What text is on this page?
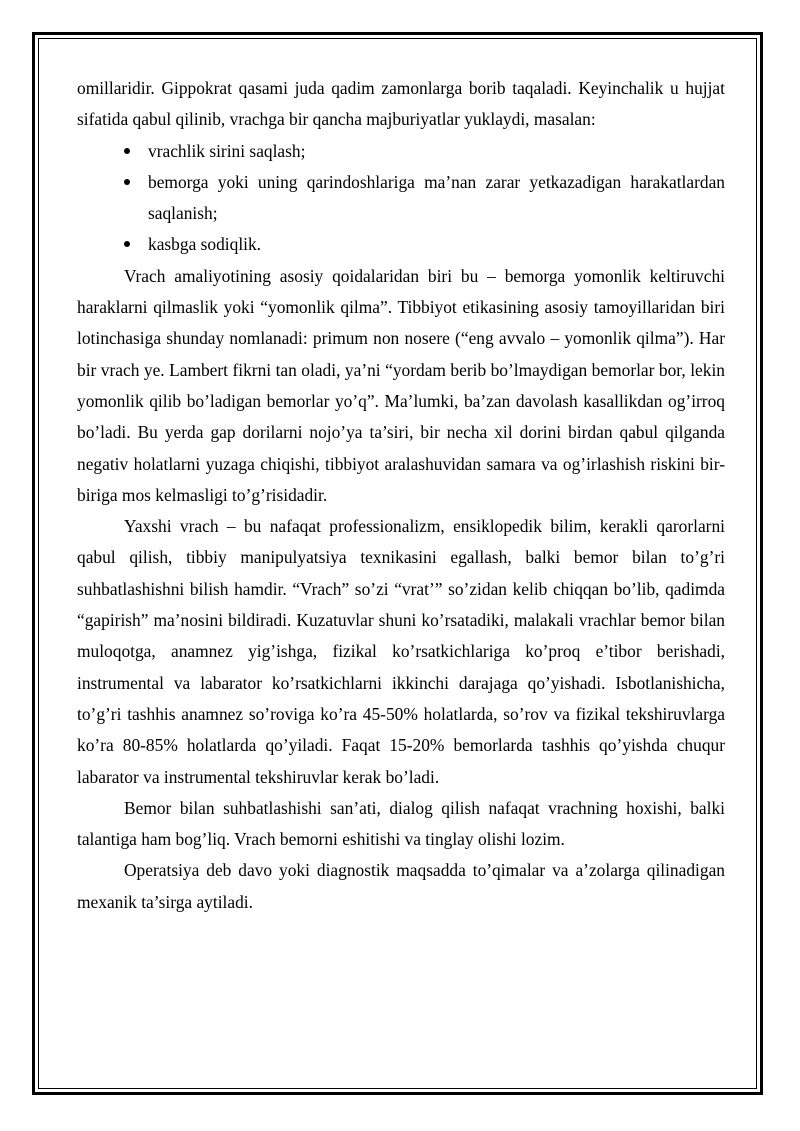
omillaridir. Gippokrat qasami juda qadim zamonlarga borib taqaladi. Keyinchalik u hujjat sifatida qabul qilinib, vrachga bir qancha majburiyatlar yuklaydi, masalan:

vrachlik sirini saqlash;
bemorga yoki uning qarindoshlariga ma’nan zarar yetkazadigan harakatlardan saqlanish;
kasbga sodiqlik.

Vrach amaliyotining asosiy qoidalaridan biri bu – bemorga yomonlik keltiruvchi haraklarni qilmaslik yoki “yomonlik qilma”. Tibbiyot etikasining asosiy tamoyillaridan biri lotinchasiga shunday nomlanadi: primum non nosere (“eng avvalo – yomonlik qilma”). Har bir vrach ye. Lambert fikrni tan oladi, ya’ni “yordam berib bo’lmaydigan bemorlar bor, lekin yomonlik qilib bo’ladigan bemorlar yo’q”. Ma’lumki, ba’zan davolash kasallikdan og’irroq bo’ladi. Bu yerda gap dorilarni nojo’ya ta’siri, bir necha xil dorini birdan qabul qilganda negativ holatlarni yuzaga chiqishi, tibbiyot aralashuvidan samara va og’irlashish riskini bir-biriga mos kelmasligi to’g’risidadir.

Yaxshi vrach – bu nafaqat professionalizm, ensiklopedik bilim, kerakli qarorlarni qabul qilish, tibbiy manipulyatsiya texnikasini egallash, balki bemor bilan to’g’ri suhbatlashishni bilish hamdir. “Vrach” so’zi “vrat’” so’zidan kelib chiqqan bo’lib, qadimda “gapirish” ma’nosini bildiradi. Kuzatuvlar shuni ko’rsatadiki, malakali vrachlar bemor bilan muloqotga, anamnez yig’ishga, fizikal ko’rsatkichlariga ko’proq e’tibor berishadi, instrumental va labarator ko’rsatkichlarni ikkinchi darajaga qo’yishadi. Isbotlanishicha, to’g’ri tashhis anamnez so’roviga ko’ra 45-50% holatlarda, so’rov va fizikal tekshiruvlarga ko’ra 80-85% holatlarda qo’yiladi. Faqat 15-20% bemorlarda tashhis qo’yishda chuqur labarator va instrumental tekshiruvlar kerak bo’ladi.

Bemor bilan suhbatlashishi san’ati, dialog qilish nafaqat vrachning hoxishi, balki talantiga ham bog’liq. Vrach bemorni eshitishi va tinglay olishi lozim.

Operatsiya deb davo yoki diagnostik maqsadda to’qimalar va a’zolarga qilinadigan mexanik ta’sirga aytiladi.
